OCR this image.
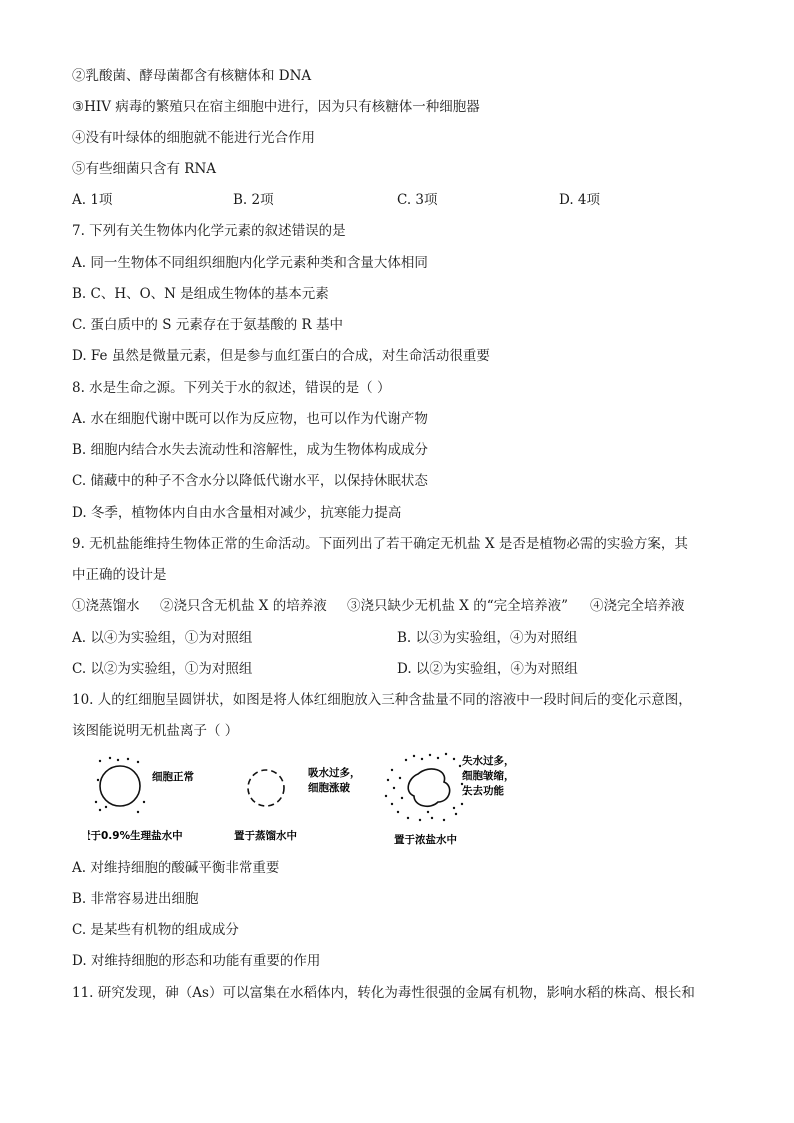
②乳酸菌、酵母菌都含有核糖体和 DNA
③HIV 病毒的繁殖只在宿主细胞中进行，因为只有核糖体一种细胞器
④没有叶绿体的细胞就不能进行光合作用
⑤有些细菌只含有 RNA
A. 1项	B. 2项	C. 3项	D. 4项
7. 下列有关生物体内化学元素的叙述错误的是
A. 同一生物体不同组织细胞内化学元素种类和含量大体相同
B. C、H、O、N 是组成生物体的基本元素
C. 蛋白质中的 S 元素存在于氨基酸的 R 基中
D. Fe 虽然是微量元素，但是参与血红蛋白的合成，对生命活动很重要
8. 水是生命之源。下列关于水的叙述，错误的是（ ）
A. 水在细胞代谢中既可以作为反应物，也可以作为代谢产物
B. 细胞内结合水失去流动性和溶解性，成为生物体构成成分
C. 储藏中的种子不含水分以降低代谢水平，以保持休眠状态
D. 冬季，植物体内自由水含量相对减少，抗寒能力提高
9. 无机盐能维持生物体正常的生命活动。下面列出了若干确定无机盐 X 是否是植物必需的实验方案，其
中正确的设计是
①浇蒸馏水 ②浇只含无机盐 X 的培养液 ③浇只缺少无机盐 X 的“完全培养液” ④浇完全培养液
A. 以④为实验组，①为对照组	B. 以③为实验组，④为对照组
C. 以②为实验组，①为对照组	D. 以②为实验组，④为对照组
10. 人的红细胞呈圆饼状，如图是将人体红细胞放入三种含盐量不同的溶液中一段时间后的变化示意图，
该图能说明无机盐离子（ ）
细胞正常
置于0.9%生理盐水中
吸水过多，
细胞涨破
置于蒸馏水中
失水过多，
细胞皱缩，
失去功能
置于浓盐水中
A. 对维持细胞的酸碱平衡非常重要
B. 非常容易进出细胞
C. 是某些有机物的组成成分
D. 对维持细胞的形态和功能有重要的作用
11. 研究发现，砷（As）可以富集在水稻体内，转化为毒性很强的金属有机物，影响水稻的株高、根长和
